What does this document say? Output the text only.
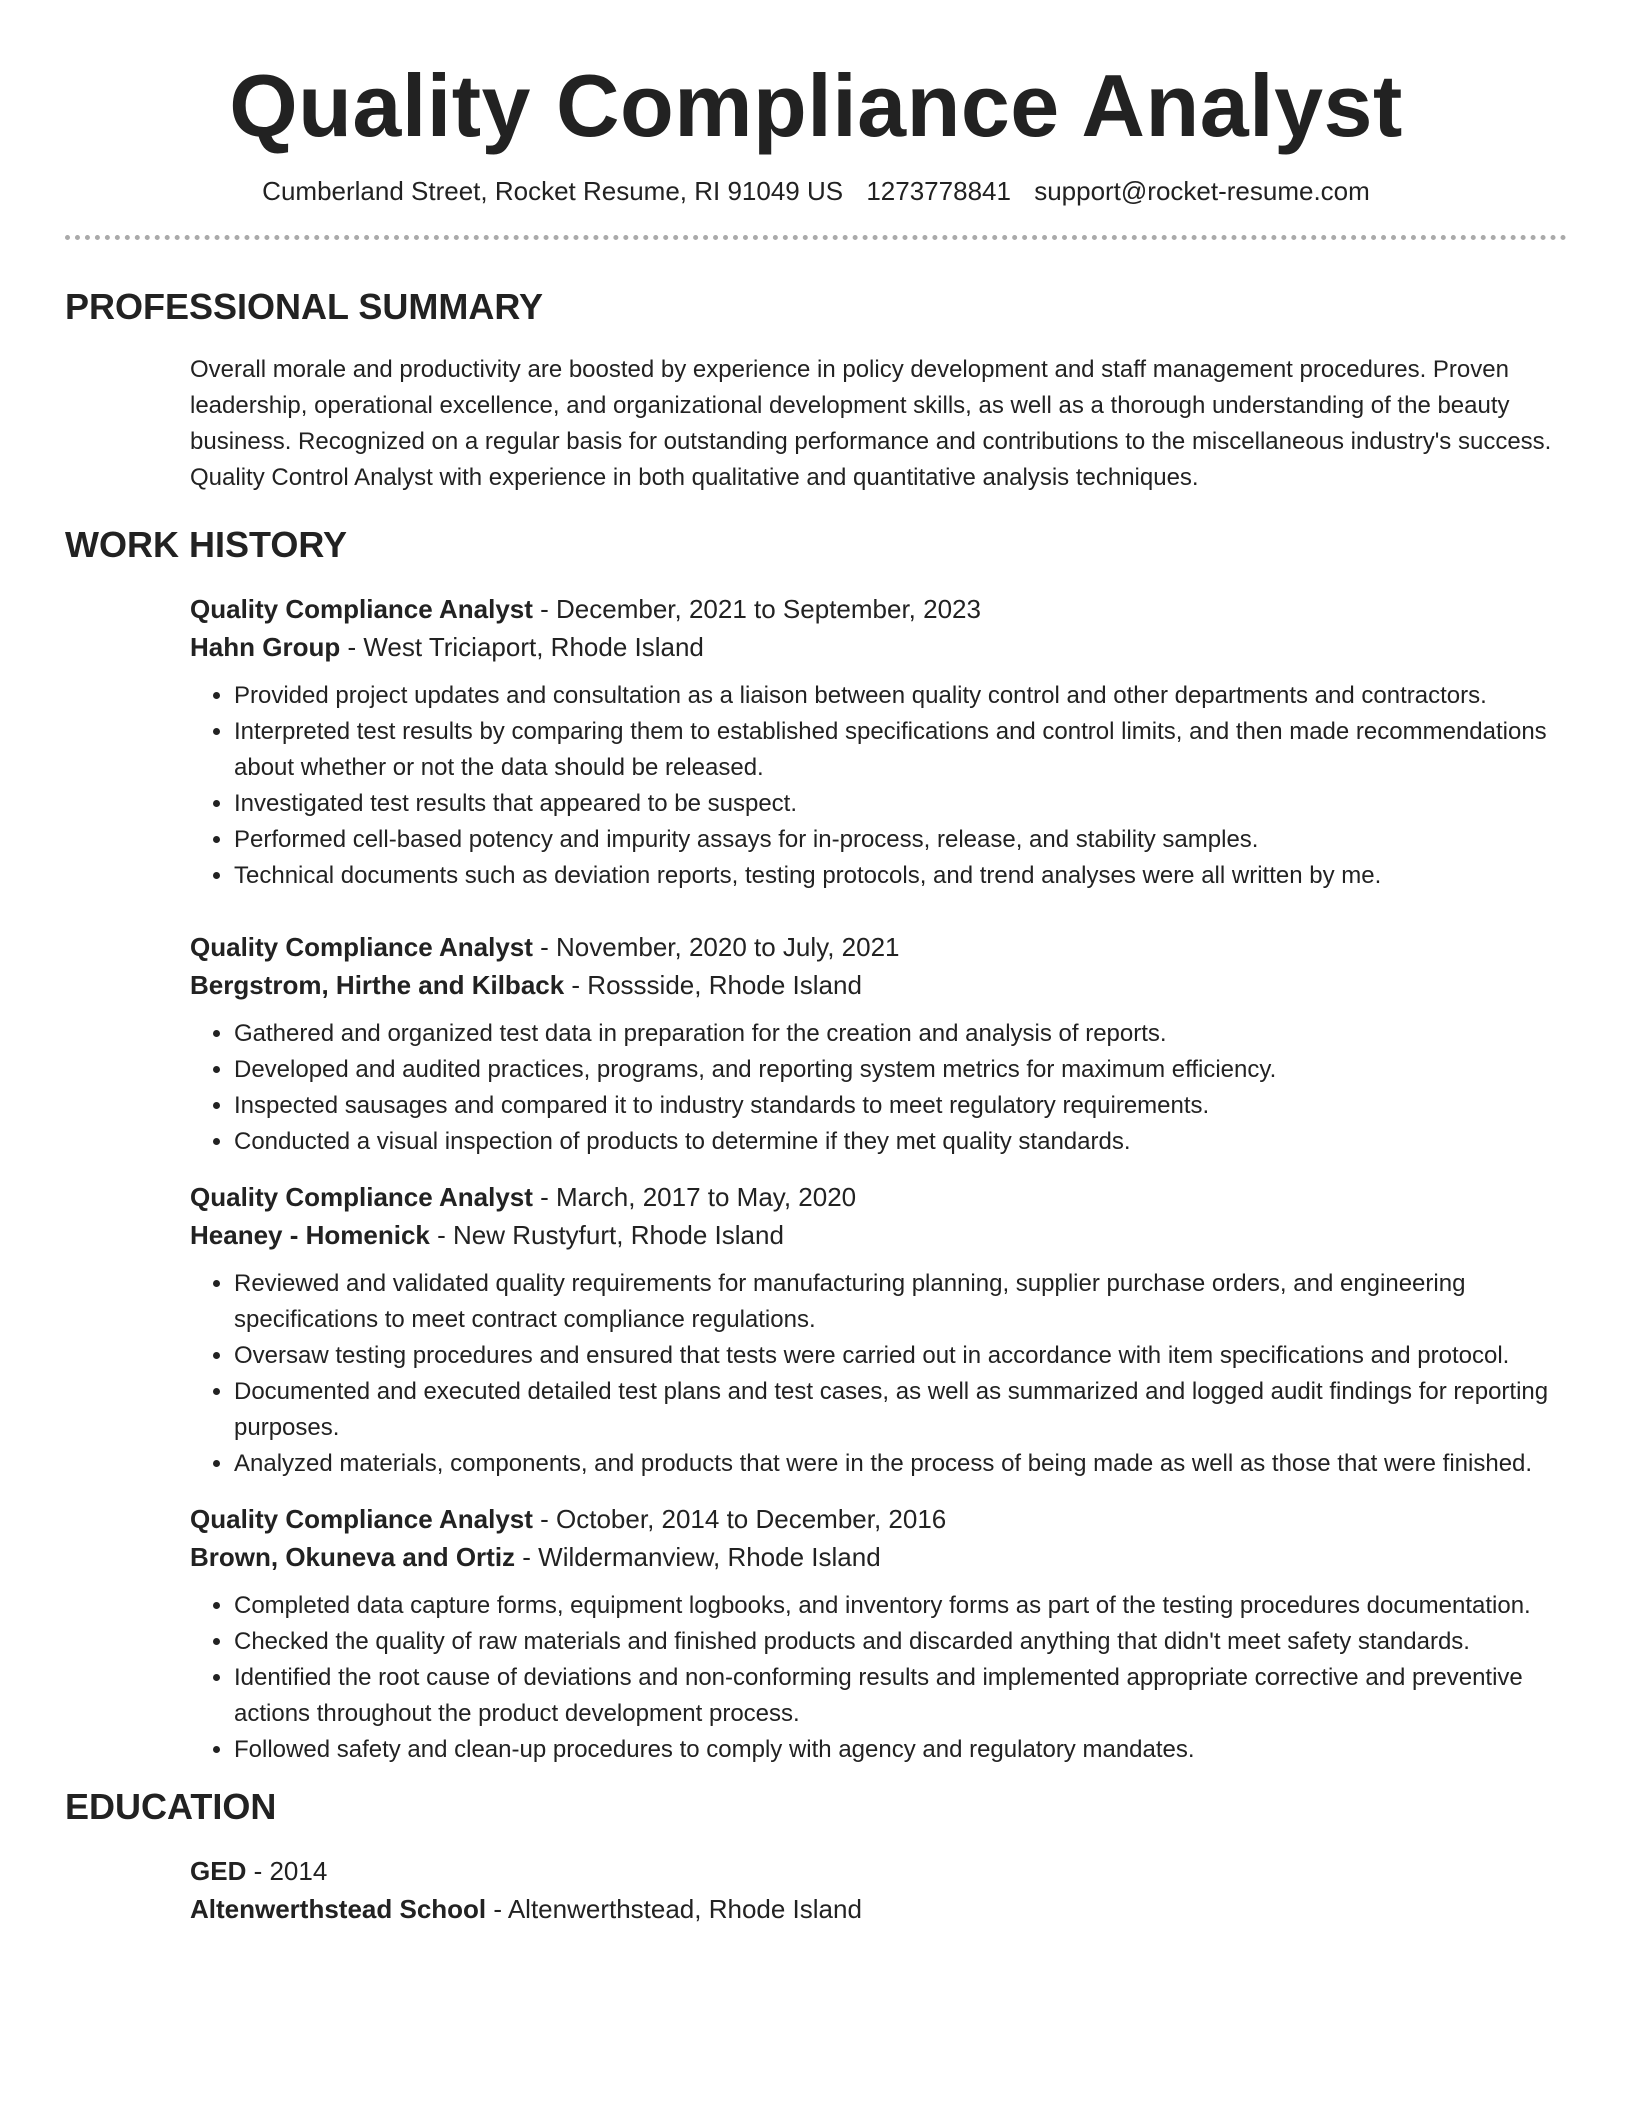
Quality Compliance Analyst
Cumberland Street, Rocket Resume, RI 91049 US 1273778841 support@rocket-resume.com
PROFESSIONAL SUMMARY

Overall morale and productivity are boosted by experience in policy development and staff management procedures. Proven leadership, operational excellence, and organizational development skills, as well as a thorough understanding of the beauty business. Recognized on a regular basis for outstanding performance and contributions to the miscellaneous industry's success. Quality Control Analyst with experience in both qualitative and quantitative analysis techniques.

WORK HISTORY
Quality Compliance Analyst - December, 2021 to September, 2023
Hahn Group - West Triciaport, Rhode Island
• Provided project updates and consultation as a liaison between quality control and other departments and contractors.
• Interpreted test results by comparing them to established specifications and control limits, and then made recommendations about whether or not the data should be released.
• Investigated test results that appeared to be suspect.
• Performed cell-based potency and impurity assays for in-process, release, and stability samples.
• Technical documents such as deviation reports, testing protocols, and trend analyses were all written by me.
Quality Compliance Analyst - November, 2020 to July, 2021
Bergstrom, Hirthe and Kilback - Rossside, Rhode Island
• Gathered and organized test data in preparation for the creation and analysis of reports.
• Developed and audited practices, programs, and reporting system metrics for maximum efficiency.
• Inspected sausages and compared it to industry standards to meet regulatory requirements.
• Conducted a visual inspection of products to determine if they met quality standards.
Quality Compliance Analyst - March, 2017 to May, 2020
Heaney - Homenick - New Rustyfurt, Rhode Island
• Reviewed and validated quality requirements for manufacturing planning, supplier purchase orders, and engineering specifications to meet contract compliance regulations.
• Oversaw testing procedures and ensured that tests were carried out in accordance with item specifications and protocol.
• Documented and executed detailed test plans and test cases, as well as summarized and logged audit findings for reporting purposes.
• Analyzed materials, components, and products that were in the process of being made as well as those that were finished.
Quality Compliance Analyst - October, 2014 to December, 2016
Brown, Okuneva and Ortiz - Wildermanview, Rhode Island
• Completed data capture forms, equipment logbooks, and inventory forms as part of the testing procedures documentation.
• Checked the quality of raw materials and finished products and discarded anything that didn't meet safety standards.
• Identified the root cause of deviations and non-conforming results and implemented appropriate corrective and preventive actions throughout the product development process.
• Followed safety and clean-up procedures to comply with agency and regulatory mandates.
EDUCATION
GED - 2014
Altenwerthstead School - Altenwerthstead, Rhode Island
